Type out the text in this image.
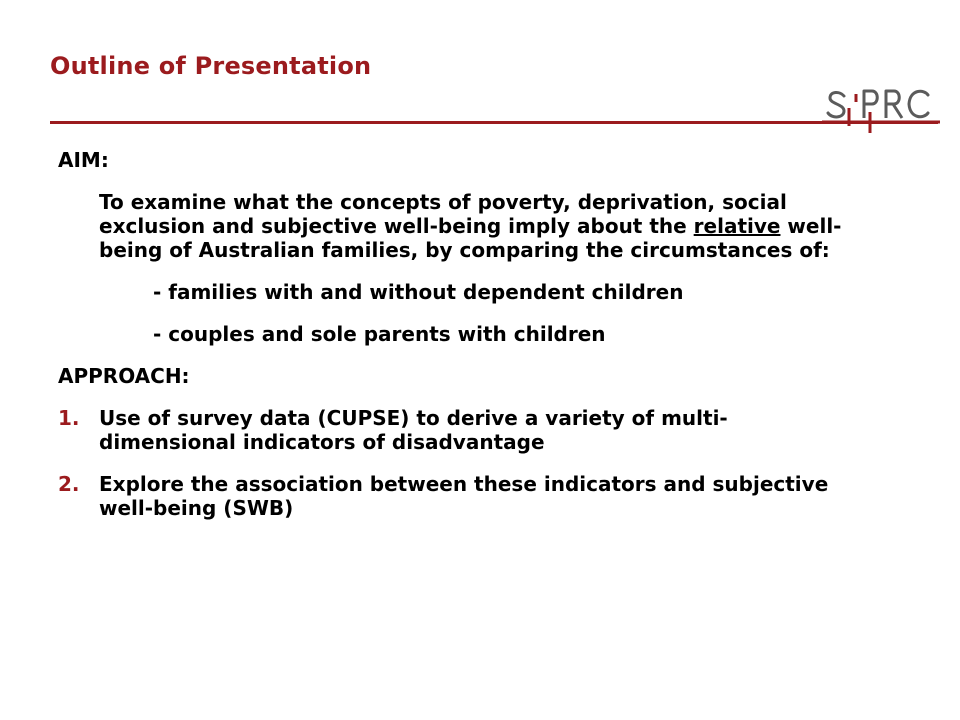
Outline of Presentation
AIM:
To examine what the concepts of poverty, deprivation, social exclusion and subjective well-being imply about the relative well-being of Australian families, by comparing the circumstances of:
- families with and without dependent children
- couples and sole parents with children
APPROACH:
1. Use of survey data (CUPSE) to derive a variety of multi-dimensional indicators of disadvantage
2. Explore the association between these indicators and subjective well-being (SWB)
